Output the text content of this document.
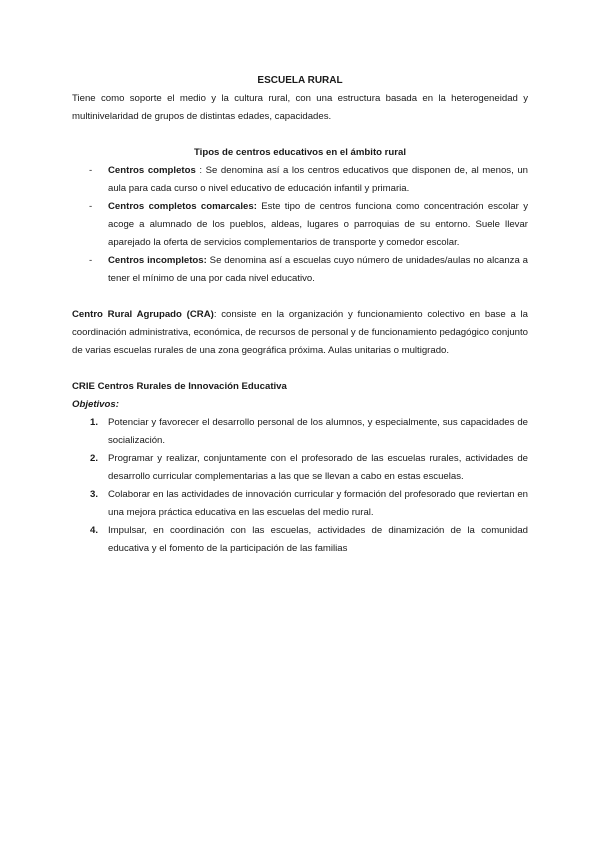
ESCUELA RURAL

Tiene como soporte el medio y la cultura rural, con una estructura basada en la heterogeneidad y multinivelaridad de grupos de distintas edades, capacidades.

Tipos de centros educativos en el ámbito rural

- Centros completos : Se denomina así a los centros educativos que disponen de, al menos, un aula para cada curso o nivel educativo de educación infantil y primaria.
- Centros completos comarcales: Este tipo de centros funciona como concentración escolar y acoge a alumnado de los pueblos, aldeas, lugares o parroquias de su entorno. Suele llevar aparejado la oferta de servicios complementarios de transporte y comedor escolar.
- Centros incompletos: Se denomina así a escuelas cuyo número de unidades/aulas no alcanza a tener el mínimo de una por cada nivel educativo.

Centro Rural Agrupado (CRA): consiste en la organización y funcionamiento colectivo en base a la coordinación administrativa, económica, de recursos de personal y de funcionamiento pedagógico conjunto de varias escuelas rurales de una zona geográfica próxima. Aulas unitarias o multigrado.

CRIE Centros Rurales de Innovación Educativa

Objetivos:

1. Potenciar y favorecer el desarrollo personal de los alumnos, y especialmente, sus capacidades de socialización.
2. Programar y realizar, conjuntamente con el profesorado de las escuelas rurales, actividades de desarrollo curricular complementarias a las que se llevan a cabo en estas escuelas.
3. Colaborar en las actividades de innovación curricular y formación del profesorado que reviertan en una mejora práctica educativa en las escuelas del medio rural.
4. Impulsar, en coordinación con las escuelas, actividades de dinamización de la comunidad educativa y el fomento de la participación de las familias
